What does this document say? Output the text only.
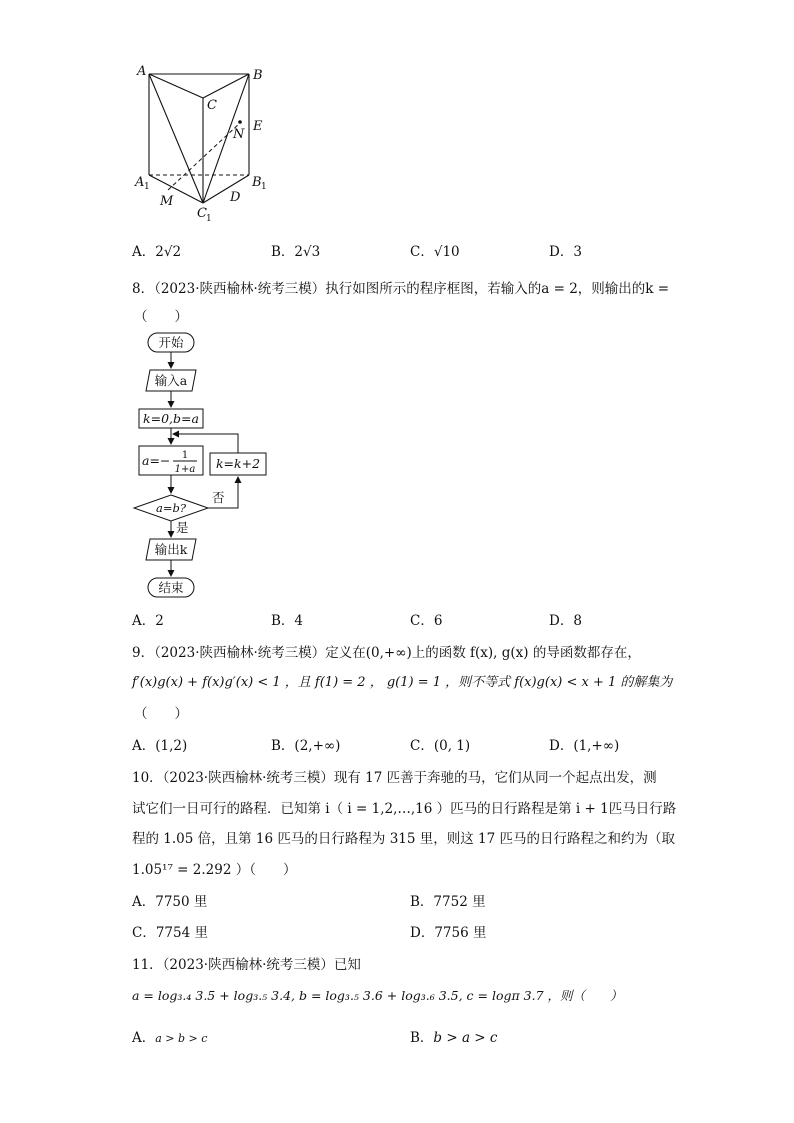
A	B
C
E
N
A	B
M	D
C
1	1
1
A．2√2	B．2√3	C．√10	D．3
8．（2023·陕西榆林·统考三模）执行如图所示的程序框图，若输入的a = 2，则输出的k =
（　　）
开始
输入a
k=0,b=a
a=− 1
1+a k=k+2
a=b?
否
是
输出k
结束
A．2	B．4	C．6	D．8
9．（2023·陕西榆林·统考三模）定义在(0,+∞)上的函数 f(x), g(x) 的导函数都存在，
f′(x)g(x) + f(x)g′(x) < 1 ，且 f(1) = 2 ， g(1) = 1 ，则不等式 f(x)g(x) < x + 1 的解集为
（　　）
A．(1,2)	B．(2,+∞)	C．(0, 1)	D．(1,+∞)
10．（2023·陕西榆林·统考三模）现有 17 匹善于奔驰的马，它们从同一个起点出发，测
试它们一日可行的路程．已知第 i（ i = 1,2,…,16 ）匹马的日行路程是第 i + 1匹马日行路
程的 1.05 倍，且第 16 匹马的日行路程为 315 里，则这 17 匹马的日行路程之和约为（取
1.05¹⁷ = 2.292 ）（　　）
A．7750 里	B．7752 里
C．7754 里	D．7756 里
11．（2023·陕西榆林·统考三模）已知
a = log₃.₄ 3.5 + log₃.₅ 3.4, b = log₃.₅ 3.6 + log₃.₆ 3.5, c = logπ 3.7 ，则（　　）
A．a > b > c	B．b > a > c
